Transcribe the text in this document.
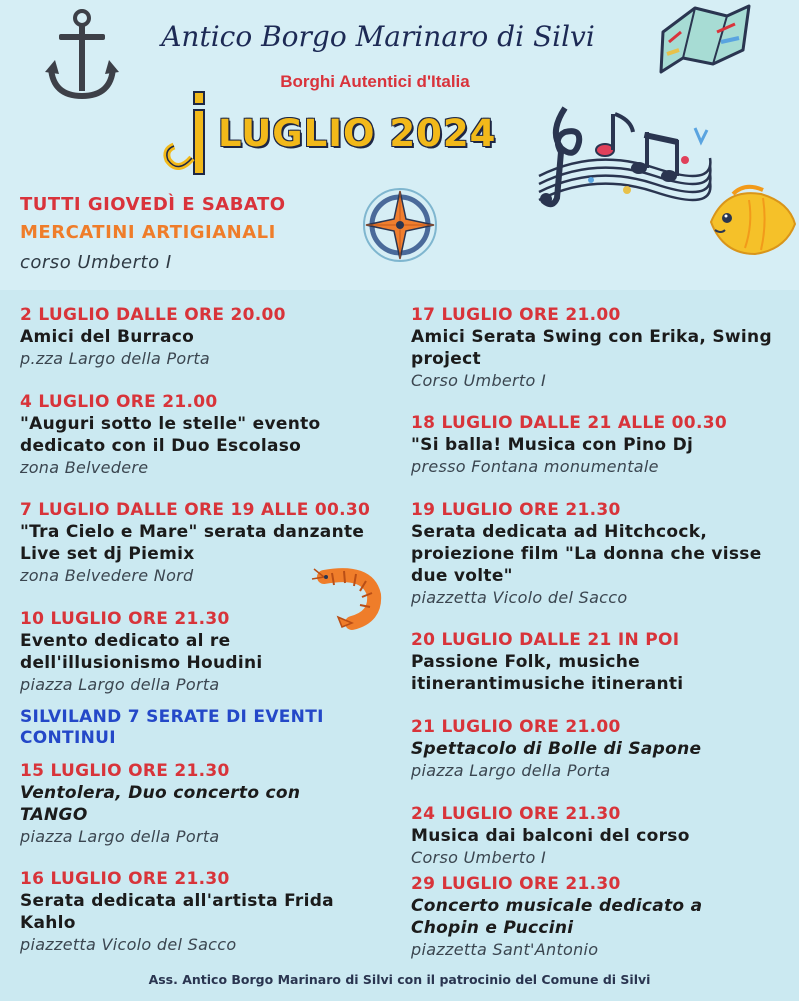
Antico Borgo Marinaro di Silvi
Borghi Autentici d'Italia
LUGLIO 2024
TUTTI GIOVEDÌ E SABATO
MERCATINI ARTIGIANALI
corso Umberto I
2 LUGLIO DALLE ORE 20.00
Amici del Burraco
p.zza Largo della Porta
4 LUGLIO ORE 21.00
"Auguri sotto le stelle" evento dedicato con il Duo Escolaso
zona Belvedere
7 LUGLIO DALLE ORE 19 ALLE 00.30
"Tra Cielo e Mare" serata danzante Live set dj Piemix
zona Belvedere Nord
10 LUGLIO ORE 21.30
Evento dedicato al re dell'illusionismo Houdini
piazza Largo della Porta
SILVILAND 7 SERATE DI EVENTI CONTINUI
15 LUGLIO ORE 21.30
Ventolera, Duo concerto con TANGO
piazza Largo della Porta
16 LUGLIO ORE 21.30
Serata dedicata all'artista Frida Kahlo
piazzetta Vicolo del Sacco
17 LUGLIO ORE 21.00
Amici Serata Swing con Erika, Swing project
Corso Umberto I
18 LUGLIO DALLE 21 ALLE 00.30
"Si balla! Musica con Pino Dj
presso Fontana monumentale
19 LUGLIO ORE 21.30
Serata dedicata ad Hitchcock, proiezione film "La donna che visse due volte"
piazzetta Vicolo del Sacco
20 LUGLIO DALLE 21 IN POI
Passione Folk, musiche itinerantimusiche itineranti
21 LUGLIO ORE 21.00
Spettacolo di Bolle di Sapone
piazza Largo della Porta
24 LUGLIO ORE 21.30
Musica dai balconi del corso
Corso Umberto I
29 LUGLIO ORE 21.30
Concerto musicale dedicato a Chopin e Puccini
piazzetta Sant'Antonio
Ass. Antico Borgo Marinaro di Silvi con il patrocinio del Comune di Silvi
